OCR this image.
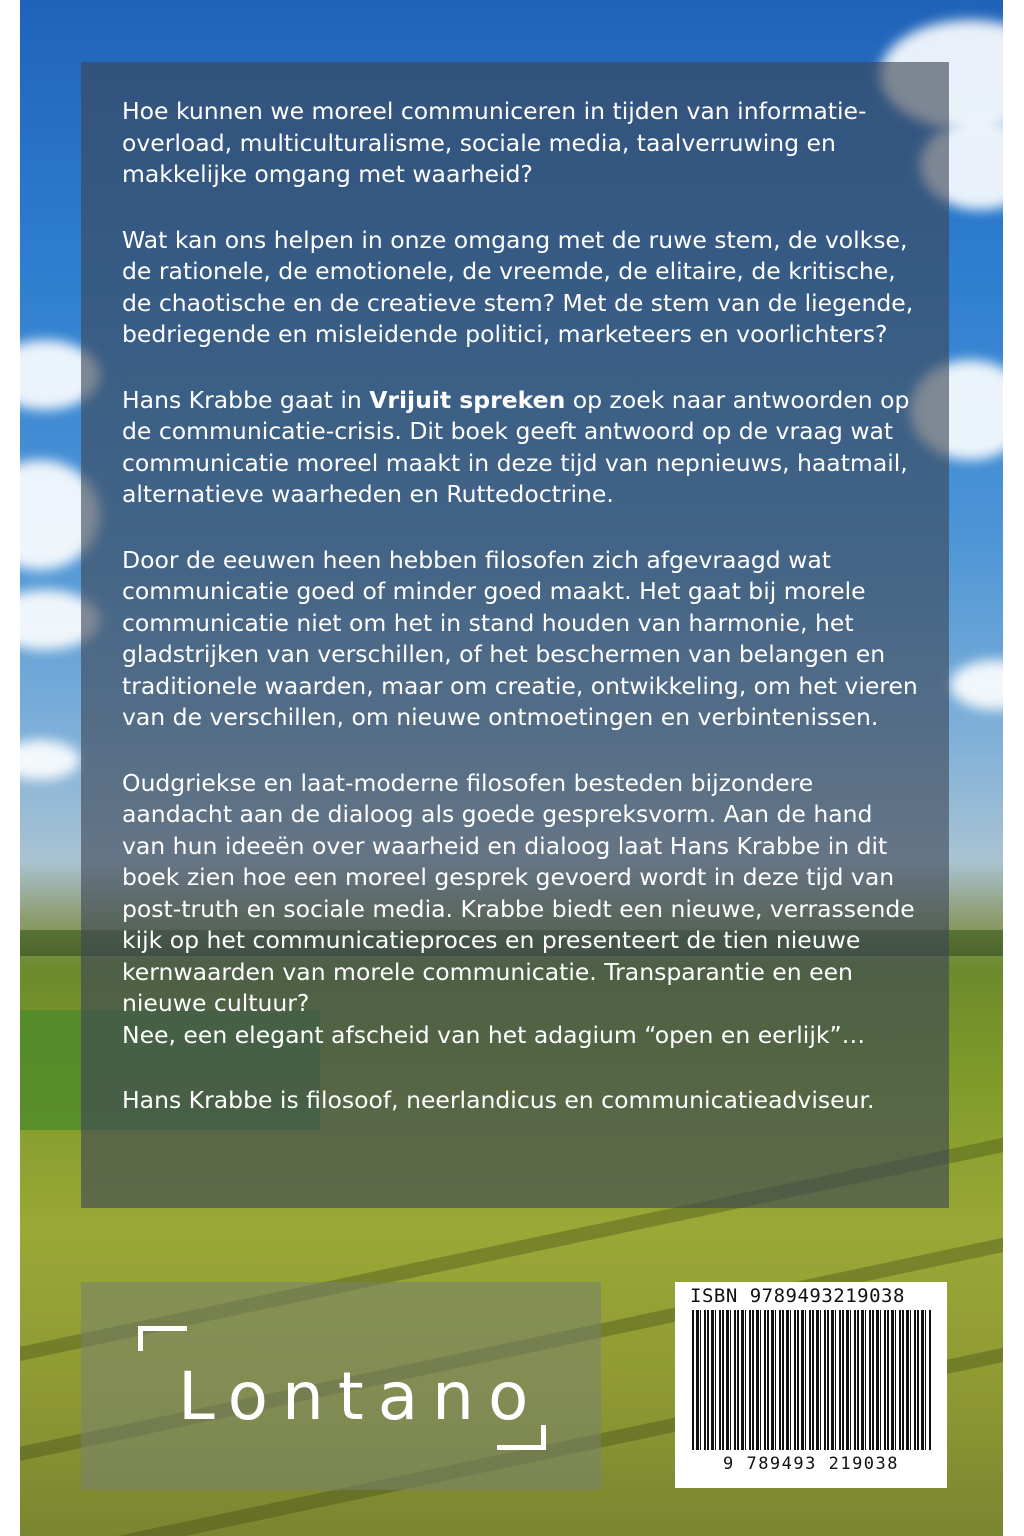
Hoe kunnen we moreel communiceren in tijden van informatie-overload, multiculturalisme, sociale media, taalverruwing en makkelijke omgang met waarheid?

Wat kan ons helpen in onze omgang met de ruwe stem, de volkse, de rationele, de emotionele, de vreemde, de elitaire, de kritische, de chaotische en de creatieve stem? Met de stem van de liegende, bedriegende en misleidende politici, marketeers en voorlichters?

Hans Krabbe gaat in Vrijuit spreken op zoek naar antwoorden op de communicatie-crisis. Dit boek geeft antwoord op de vraag wat communicatie moreel maakt in deze tijd van nepnieuws, haatmail, alternatieve waarheden en Ruttedoctrine.

Door de eeuwen heen hebben filosofen zich afgevraagd wat communicatie goed of minder goed maakt. Het gaat bij morele communicatie niet om het in stand houden van harmonie, het gladstrijken van verschillen, of het beschermen van belangen en traditionele waarden, maar om creatie, ontwikkeling, om het vieren van de verschillen, om nieuwe ontmoetingen en verbintenissen.

Oudgriekse en laat-moderne filosofen besteden bijzondere aandacht aan de dialoog als goede gespreksvorm. Aan de hand van hun ideeën over waarheid en dialoog laat Hans Krabbe in dit boek zien hoe een moreel gesprek gevoerd wordt in deze tijd van post-truth en sociale media. Krabbe biedt een nieuwe, verrassende kijk op het communicatieproces en presenteert de tien nieuwe kernwaarden van morele communicatie. Transparantie en een nieuwe cultuur?
Nee, een elegant afscheid van het adagium “open en eerlijk”…

Hans Krabbe is filosoof, neerlandicus en communicatieadviseur.

Lontano
ISBN 9789493219038
9 789493 219038
